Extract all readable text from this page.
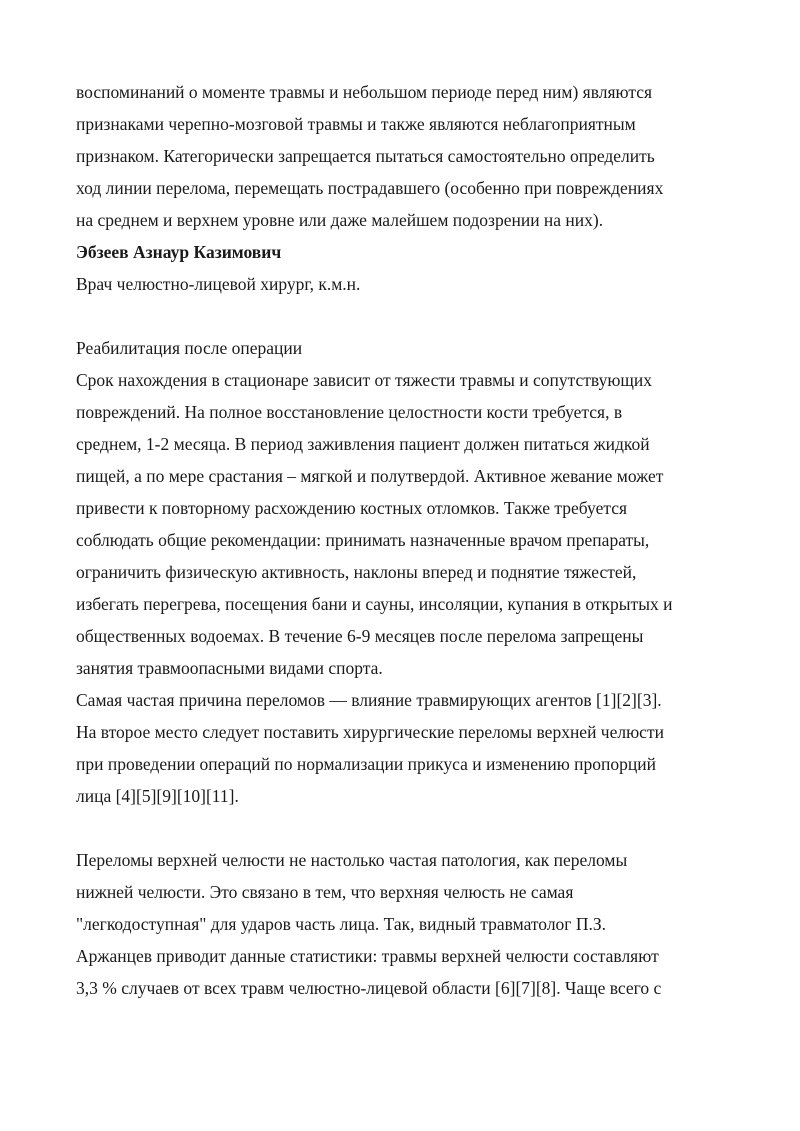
воспоминаний о моменте травмы и небольшом периоде перед ним) являются
признаками черепно-мозговой травмы и также являются неблагоприятным
признаком. Категорически запрещается пытаться самостоятельно определить
ход линии перелома, перемещать пострадавшего (особенно при повреждениях
на среднем и верхнем уровне или даже малейшем подозрении на них).
Эбзеев Азнаур Казимович
Врач челюстно-лицевой хирург, к.м.н.
Реабилитация после операции
Срок нахождения в стационаре зависит от тяжести травмы и сопутствующих
повреждений. На полное восстановление целостности кости требуется, в
среднем, 1-2 месяца. В период заживления пациент должен питаться жидкой
пищей, а по мере срастания – мягкой и полутвердой. Активное жевание может
привести к повторному расхождению костных отломков. Также требуется
соблюдать общие рекомендации: принимать назначенные врачом препараты,
ограничить физическую активность, наклоны вперед и поднятие тяжестей,
избегать перегрева, посещения бани и сауны, инсоляции, купания в открытых и
общественных водоемах. В течение 6-9 месяцев после перелома запрещены
занятия травмоопасными видами спорта.
Самая частая причина переломов — влияние травмирующих агентов [1][2][3].
На второе место следует поставить хирургические переломы верхней челюсти
при проведении операций по нормализации прикуса и изменению пропорций
лица [4][5][9][10][11].
Переломы верхней челюсти не настолько частая патология, как переломы
нижней челюсти. Это связано в тем, что верхняя челюсть не самая
"легкодоступная" для ударов часть лица. Так, видный травматолог П.З.
Аржанцев приводит данные статистики: травмы верхней челюсти составляют
3,3 % случаев от всех травм челюстно-лицевой области [6][7][8]. Чаще всего с
